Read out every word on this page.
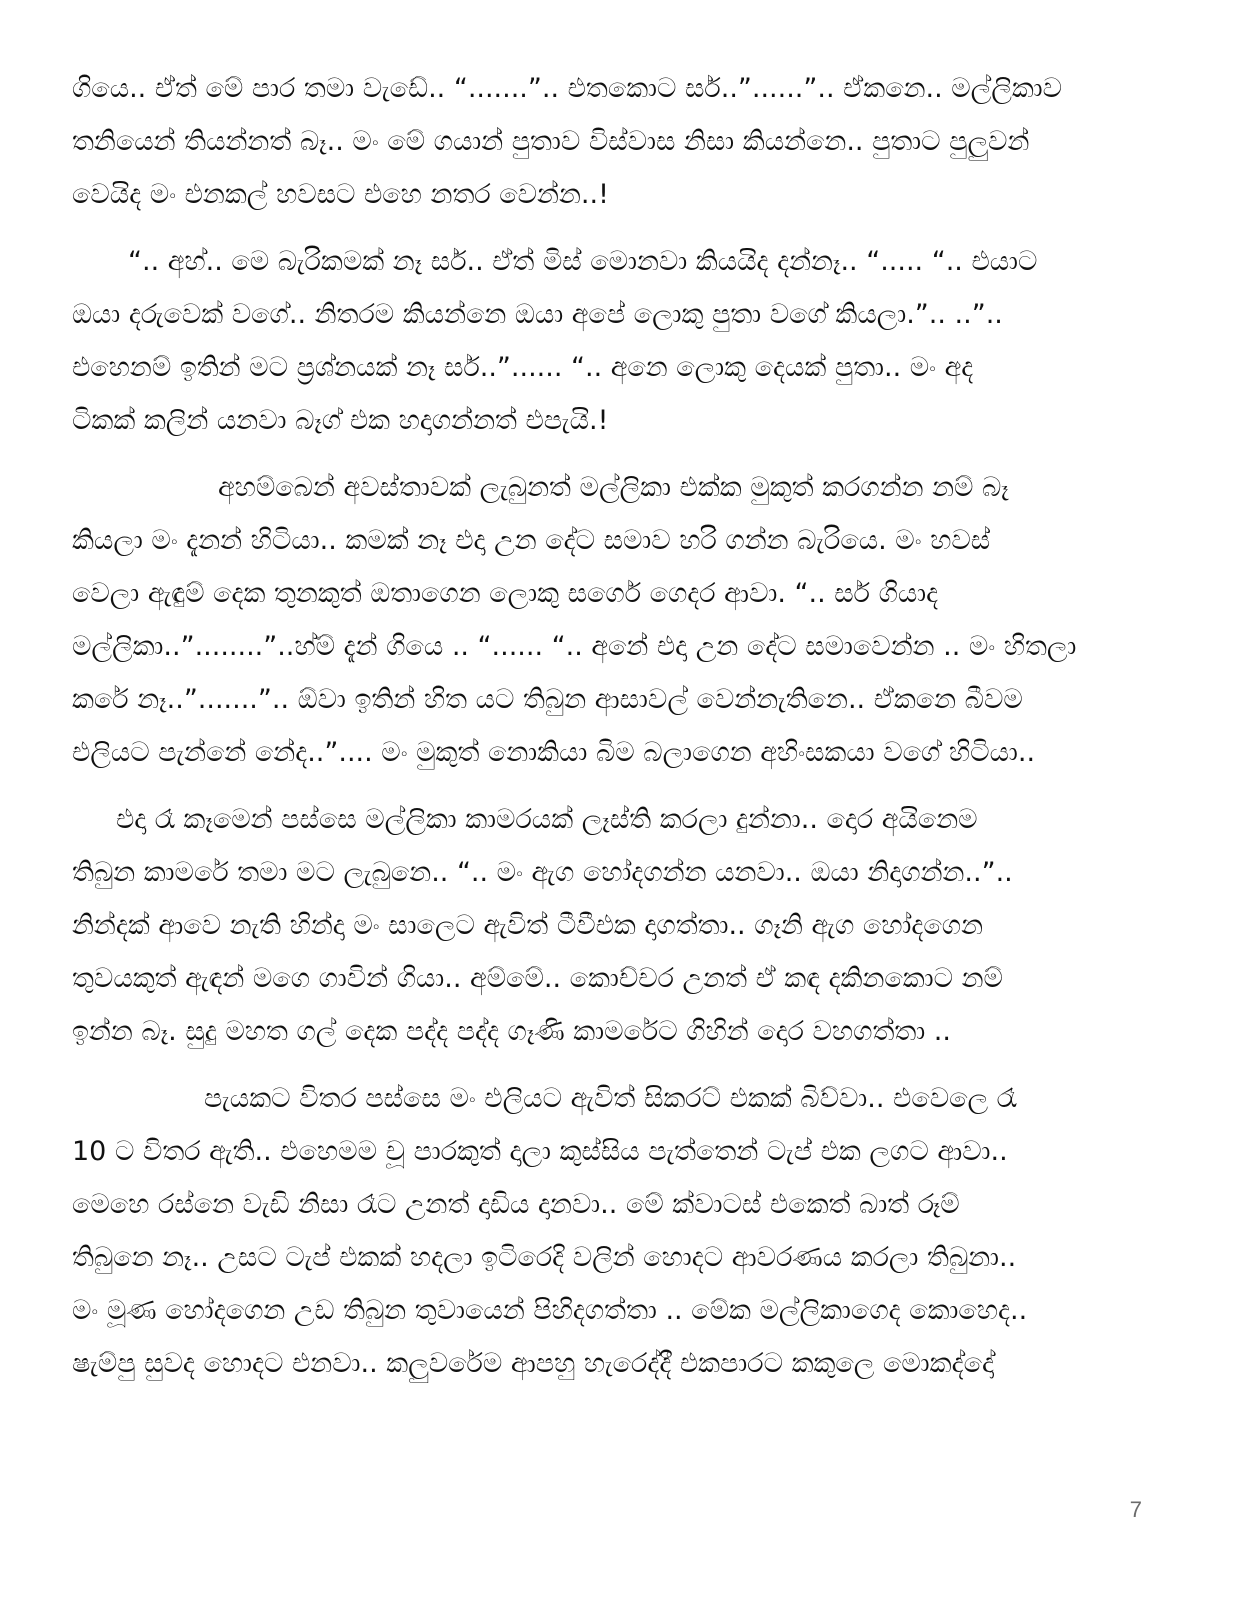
ගියෙ.. ඒත් මේ පාර තමා වැඩේ.. “.......”.. එතකොට සර්..”......”.. ඒකනෙ.. මල්ලිකාව
තනියෙන් තියන්නත් බෑ.. මං මේ ගයාන් පුතාව විස්වාස නිසා කියන්නෙ.. පුතාට පුලුවන්
වෙයිද මං එනකල් හවසට එහෙ නතර වෙන්න..!

“.. අහ්.. මෙ බැරිකමක් නෑ සර්.. ඒත් මිස් මොනවා කියයිද දන්නෑ.. “..... “.. එයාට
ඔයා දරුවෙක් වගේ.. නිතරම කියන්නෙ ඔයා අපේ ලොකු පුතා වගේ කියලා.”.. ..”..
එහෙනම් ඉතින් මට ප්‍රශ්නයක් නෑ සර්..”...... “.. අනෙ ලොකු දෙයක් පුතා.. මං අද
ටිකක් කලින් යනවා බෑග් එක හදාගන්නත් එපැයි.!

අහම්බෙන් අවස්තාවක් ලැබුනත් මල්ලිකා එක්ක මුකුත් කරගන්න නම් බෑ
කියලා මං දැනන් හිටියා.. කමක් නෑ එදා උන දේට සමාව හරි ගන්න බැරියෙ. මං හවස්
වෙලා ඇඳුම් දෙක තුනකුත් ඔතාගෙන ලොකු සර්ගෙ ගෙදර ආවා. “.. සර් ගියාද
මල්ලිකා..”........”..හ්ම් දැන් ගියෙ .. “...... “.. අනේ එදා උන දේට සමාවෙන්න .. මං හිතලා
කරේ නෑ..”.......”.. ඕවා ඉතින් හිත යට තිබුන ආසාවල් වෙන්නැතිනෙ.. ඒකනෙ බීවම
එලියට පැන්නේ නේද..”.... මං මුකුත් නොකියා බිම බලාගෙන අහිංසකයා වගේ හිටියා..

එදා රෑ කෑමෙන් පස්සෙ මල්ලිකා කාමරයක් ලෑස්ති කරලා දුන්නා.. දොර අයිනෙම
තිබුන කාමරේ තමා මට ලැබුනෙ.. “.. මං ඇග හෝදගන්න යනවා.. ඔයා නිදාගන්න..”..
නින්දක් ආවෙ නැති හින්දා මං සාලෙට ඇවිත් ටීවීඑක දාගත්තා.. ගෑනි ඇග හෝදගෙන
තුවයකුත් ඇඳන් මගෙ ගාවින් ගියා.. අම්මේ.. කොච්චර උනත් ඒ කඳ දකිනකොට නම්
ඉන්න බෑ. සුදු මහත ගල් දෙක පද්ද පද්ද ගෑණි කාමරේට ගිහින් දොර වහගත්තා ..

පැයකට විතර පස්සෙ මං එලියට ඇවිත් සිකරට් එකක් බිව්වා.. එවෙලෙ රෑ
10 ට විතර ඇති.. එහෙමම චූ පාරකුත් දාලා කුස්සිය පැත්තෙන් ටැප් එක ලගට ආවා..
මෙහෙ රස්නෙ වැඩි නිසා රෑට උනත් දාඩිය දානවා.. මේ ක්වාටස් එකෙත් බාත් රූම්
තිබුනෙ නෑ.. උසට ටැප් එකක් හදලා ඉටිරෙදි වලින් හොදට ආවරණය කරලා තිබුනා..
මං මූණ හෝදගෙන උඩ තිබුන තුවායෙන් පිහිදගත්තා .. මේක මල්ලිකාගෙද කොහෙද..
ෂැම්පු සුවද හොදට එනවා.. කලුවරේම ආපහු හැරෙද්දී එකපාරට කකුලෙ මොකද්දෝ

7
